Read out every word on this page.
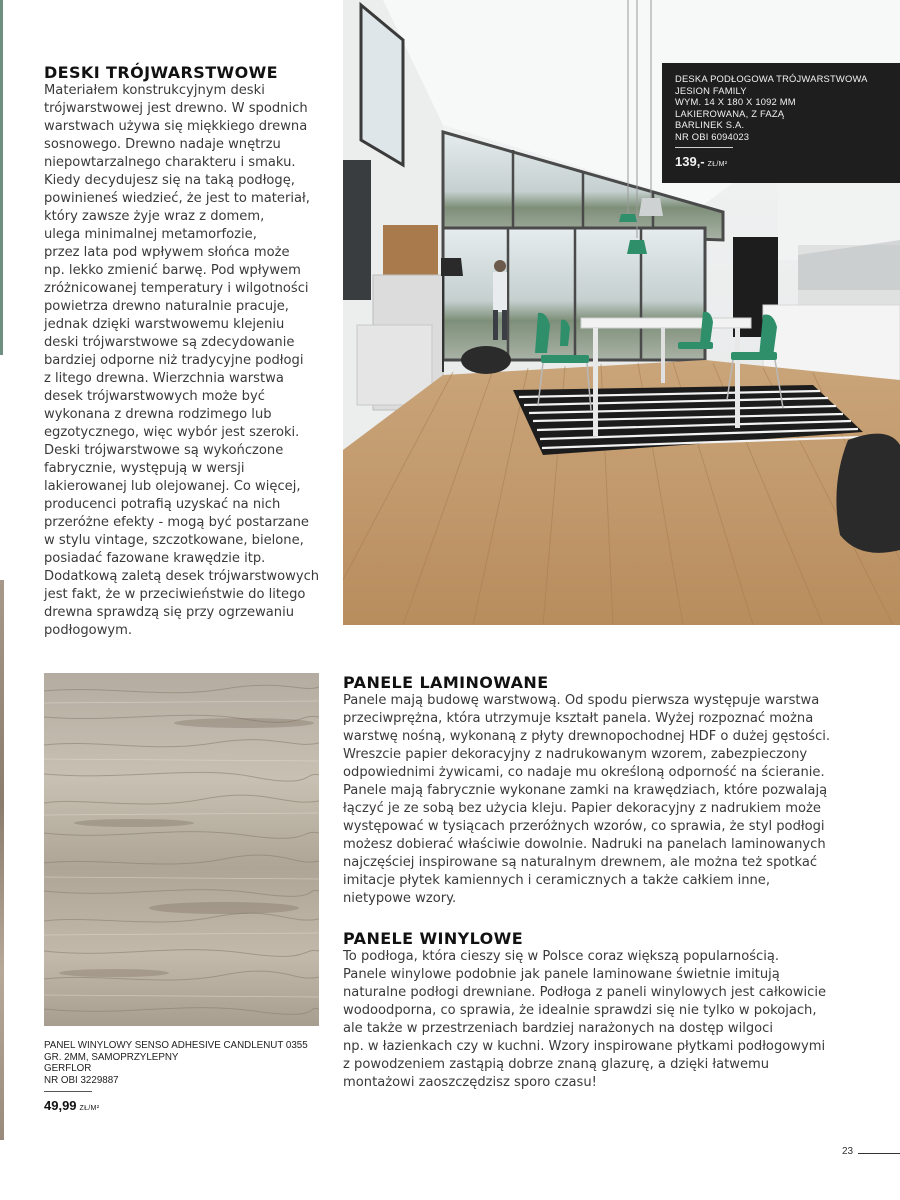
DESKI TRÓJWARSTWOWE

Materiałem konstrukcyjnym deski

trójwarstwowej jest drewno. W spodnich

warstwach używa się miękkiego drewna

sosnowego. Drewno nadaje wnętrzu

niepowtarzalnego charakteru i smaku.

Kiedy decydujesz się na taką podłogę,

powinieneś wiedzieć, że jest to materiał,

który zawsze żyje wraz z domem,

ulega minimalnej metamorfozie,

przez lata pod wpływem słońca może

np. lekko zmienić barwę. Pod wpływem

zróżnicowanej temperatury i wilgotności

powietrza drewno naturalnie pracuje,

jednak dzięki warstwowemu klejeniu

deski trójwarstwowe są zdecydowanie

bardziej odporne niż tradycyjne podłogi

z litego drewna. Wierzchnia warstwa

desek trójwarstwowych może być

wykonana z drewna rodzimego lub

egzotycznego, więc wybór jest szeroki.

Deski trójwarstwowe są wykończone

fabrycznie, występują w wersji

lakierowanej lub olejowanej. Co więcej,

producenci potrafią uzyskać na nich

przeróżne efekty - mogą być postarzane

w stylu vintage, szczotkowane, bielone,

posiadać fazowane krawędzie itp.

Dodatkową zaletą desek trójwarstwowych

jest fakt, że w przeciwieństwie do litego

drewna sprawdzą się przy ogrzewaniu

podłogowym.

DESKA PODŁOGOWA TRÓJWARSTWOWA
JESION FAMILY
WYM. 14 X 180 X 1092 MM
LAKIEROWANA, Z FAZĄ
BARLINEK S.A.
NR OBI 6094023
139,- ZŁ/M²
PANEL WINYLOWY SENSO ADHESIVE CANDLENUT 0355
GR. 2MM, SAMOPRZYLEPNY
GERFLOR
NR OBI 3229887
49,99 ZŁ/M²
PANELE LAMINOWANE

Panele mają budowę warstwową. Od spodu pierwsza występuje warstwa

przeciwprężna, która utrzymuje kształt panela. Wyżej rozpoznać można

warstwę nośną, wykonaną z płyty drewnopochodnej HDF o dużej gęstości.

Wreszcie papier dekoracyjny z nadrukowanym wzorem, zabezpieczony

odpowiednimi żywicami, co nadaje mu określoną odporność na ścieranie.

Panele mają fabrycznie wykonane zamki na krawędziach, które pozwalają

łączyć je ze sobą bez użycia kleju. Papier dekoracyjny z nadrukiem może

występować w tysiącach przeróżnych wzorów, co sprawia, że styl podłogi

możesz dobierać właściwie dowolnie. Nadruki na panelach laminowanych

najczęściej inspirowane są naturalnym drewnem, ale można też spotkać

imitacje płytek kamiennych i ceramicznych a także całkiem inne,

nietypowe wzory.

PANELE WINYLOWE

To podłoga, która cieszy się w Polsce coraz większą popularnością.

Panele winylowe podobnie jak panele laminowane świetnie imitują

naturalne podłogi drewniane. Podłoga z paneli winylowych jest całkowicie

wodoodporna, co sprawia, że idealnie sprawdzi się nie tylko w pokojach,

ale także w przestrzeniach bardziej narażonych na dostęp wilgoci

np. w łazienkach czy w kuchni. Wzory inspirowane płytkami podłogowymi

z powodzeniem zastąpią dobrze znaną glazurę, a dzięki łatwemu

montażowi zaoszczędzisz sporo czasu!

23
